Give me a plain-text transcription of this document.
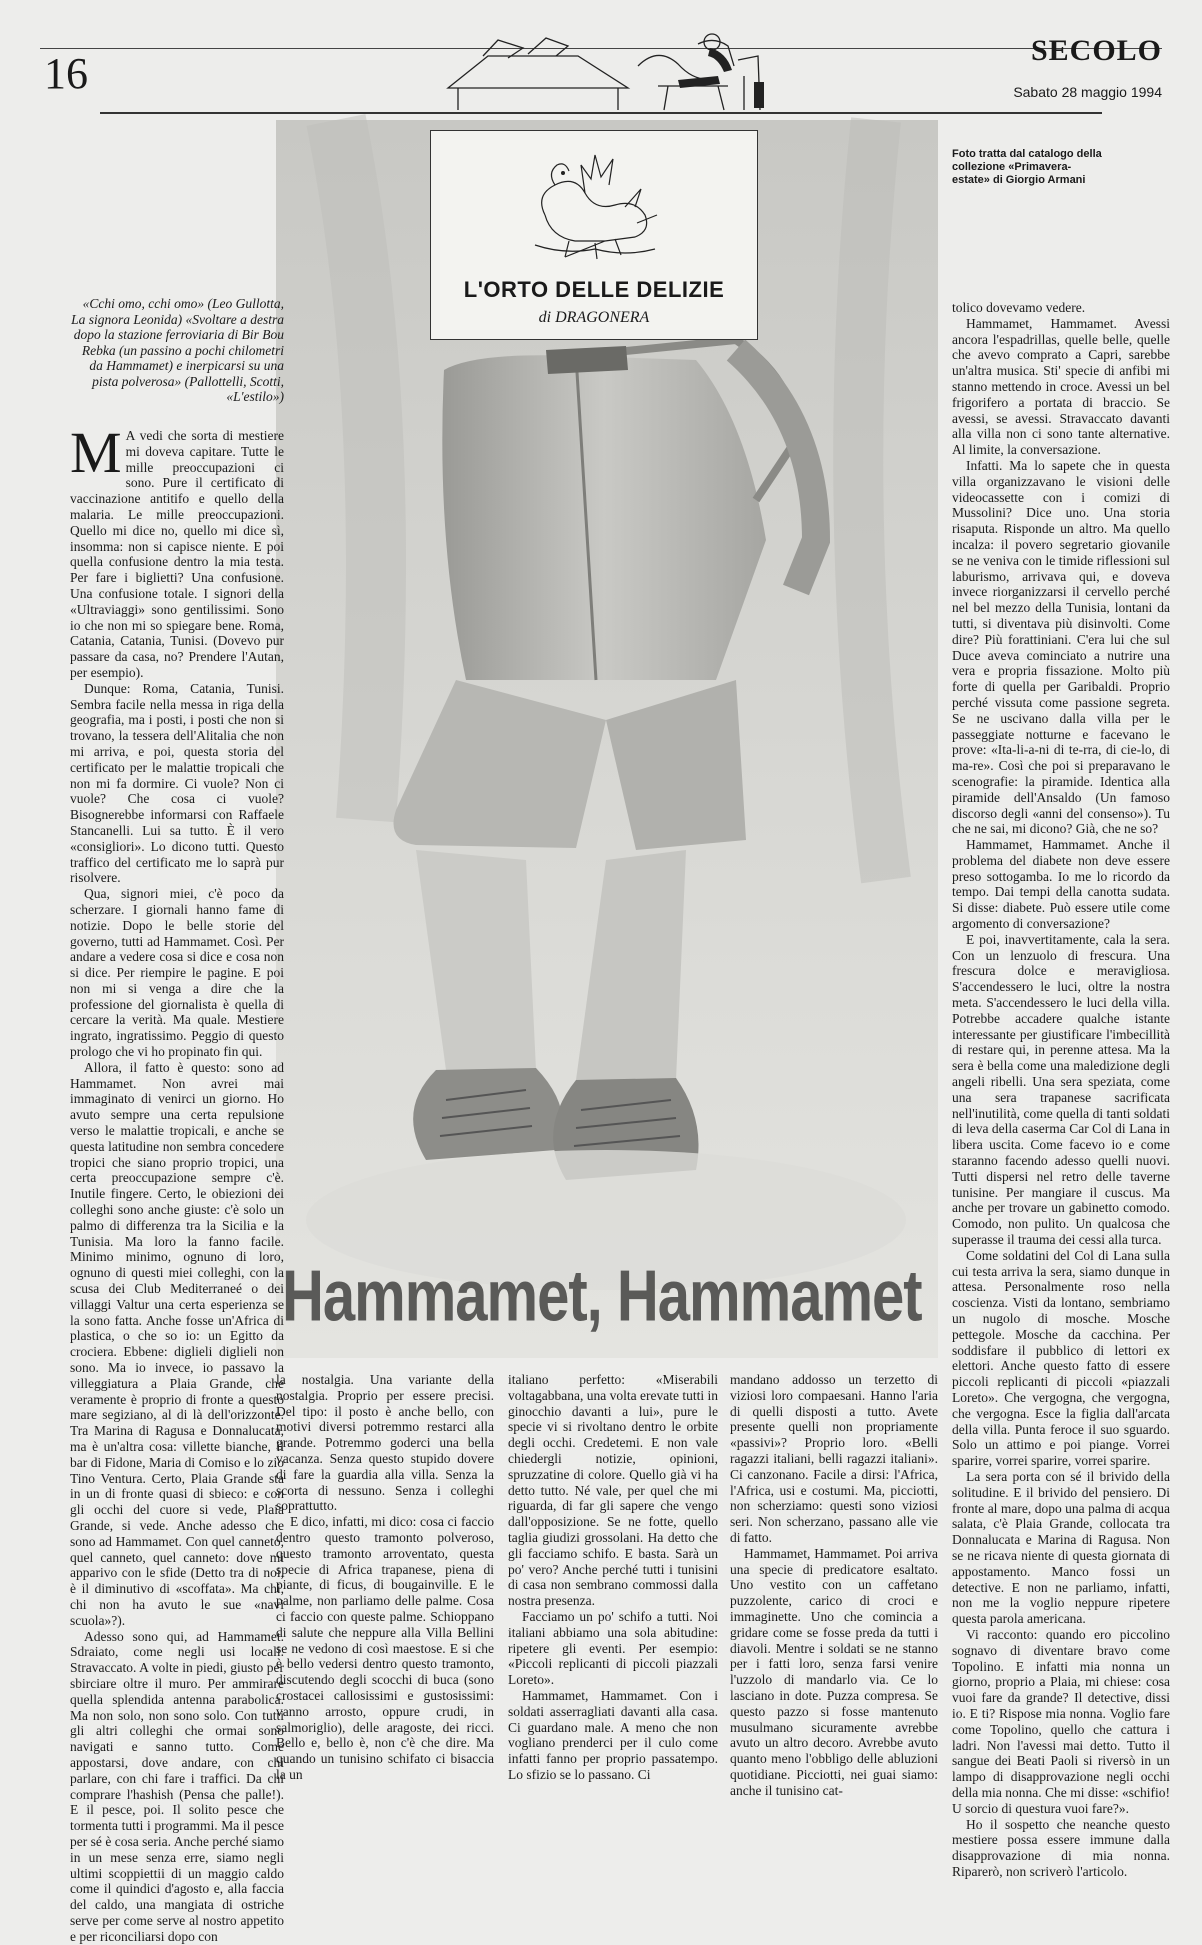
16	SECOLO
Sabato 28 maggio 1994
Foto tratta dal catalogo della collezione «Primavera-estate» di Giorgio Armani
L'ORTO DELLE DELIZIE
di DRAGONERA
«Cchi omo, cchi omo» (Leo Gullotta, La signora Leonida) «Svoltare a destra dopo la stazione ferroviaria di Bir Bou Rebka (un passino a pochi chilometri da Hammamet) e inerpicarsi su una pista polverosa» (Pallottelli, Scotti, «L'estilo»)

M A vedi che sorta di mestiere mi doveva capitare. Tutte le mille preoccupazioni ci sono. Pure il certificato di vaccinazione antitifo e quello della malaria. Le mille preoccupazioni. Quello mi dice no, quello mi dice sì, insomma: non si capisce niente. E poi quella confusione dentro la mia testa. Per fare i biglietti? Una confusione. Una confusione totale. I signori della «Ultraviaggi» sono gentilissimi. Sono io che non mi so spiegare bene. Roma, Catania, Catania, Tunisi. (Dovevo pur passare da casa, no? Prendere l'Autan, per esempio).

Dunque: Roma, Catania, Tunisi. Sembra facile nella messa in riga della geografia, ma i posti, i posti che non si trovano, la tessera dell'Alitalia che non mi arriva, e poi, questa storia del certificato per le malattie tropicali che non mi fa dormire. Ci vuole? Non ci vuole? Che cosa ci vuole? Bisognerebbe informarsi con Raffaele Stancanelli. Lui sa tutto. È il vero «consigliori». Lo dicono tutti. Questo traffico del certificato me lo saprà pur risolvere.

Qua, signori miei, c'è poco da scherzare. I giornali hanno fame di notizie. Dopo le belle storie del governo, tutti ad Hammamet. Così. Per andare a vedere cosa si dice e cosa non si dice. Per riempire le pagine. E poi non mi si venga a dire che la professione del giornalista è quella di cercare la verità. Ma quale. Mestiere ingrato, ingratissimo. Peggio di questo prologo che vi ho propinato fin qui.

Allora, il fatto è questo: sono ad Hammamet. Non avrei mai immaginato di venirci un giorno. Ho avuto sempre una certa repulsione verso le malattie tropicali, e anche se questa latitudine non sembra concedere tropici che siano proprio tropici, una certa preoccupazione sempre c'è. Inutile fingere. Certo, le obiezioni dei colleghi sono anche giuste: c'è solo un palmo di differenza tra la Sicilia e la Tunisia. Ma loro la fanno facile. Minimo minimo, ognuno di loro, ognuno di questi miei colleghi, con la scusa dei Club Mediterraneé o dei villaggi Valtur una certa esperienza se la sono fatta. Anche fosse un'Africa di plastica, o che so io: un Egitto da crociera. Ebbene: diglieli diglieli non sono. Ma io invece, io passavo la villeggiatura a Plaia Grande, che veramente è proprio di fronte a questo mare segiziano, al di là dell'orizzonte. Tra Marina di Ragusa e Donnalucata, ma è un'altra cosa: villette bianche, il bar di Fidone, Maria di Comiso e lo zio Tino Ventura. Certo, Plaia Grande sta in un di fronte quasi di sbieco: e con gli occhi del cuore si vede, Plaia Grande, si vede. Anche adesso che sono ad Hammamet. Con quel canneto, quel canneto, quel canneto: dove mi apparivo con le sfide (Detto tra di noi, è il diminutivo di «scoffata». Ma chi, chi non ha avuto le sue «navi scuola»?).

Adesso sono qui, ad Hammamet. Sdraiato, come negli usi locali. Stravaccato. A volte in piedi, giusto per sbirciare oltre il muro. Per ammirare quella splendida antenna parabolica. Ma non solo, non sono solo. Con tutti gli altri colleghi che ormai sono navigati e sanno tutto. Come appostarsi, dove andare, con chi parlare, con chi fare i traffici. Da chi comprare l'hashish (Pensa che palle!). E il pesce, poi. Il solito pesce che tormenta tutti i programmi. Ma il pesce per sé è cosa seria. Anche perché siamo in un mese senza erre, siamo negli ultimi scoppiettii di un maggio caldo come il quindici d'agosto e, alla faccia del caldo, una mangiata di ostriche serve per come serve al nostro appetito e per riconciliarsi dopo con

Hammamet, Hammamet

la nostalgia. Una variante della nostalgia. Proprio per essere precisi. Del tipo: il posto è anche bello, con motivi diversi potremmo restarci alla grande. Potremmo goderci una bella vacanza. Senza questo stupido dovere di fare la guardia alla villa. Senza la scorta di nessuno. Senza i colleghi soprattutto.

E dico, infatti, mi dico: cosa ci faccio dentro questo tramonto polveroso, questo tramonto arroventato, questa specie di Africa trapanese, piena di piante, di ficus, di bougainville. E le palme, non parliamo delle palme. Cosa ci faccio con queste palme. Schioppano di salute che neppure alla Villa Bellini se ne vedono di così maestose. E si che è bello vedersi dentro questo tramonto, discutendo degli scocchi di buca (sono crostacei callosissimi e gustosissimi: vanno arrosto, oppure crudi, in salmoriglio), delle aragoste, dei ricci. Bello e, bello è, non c'è che dire. Ma quando un tunisino schifato ci bisaccia la un

italiano perfetto: «Miserabili voltagabbana, una volta erevate tutti in ginocchio davanti a lui», pure le specie vi si rivoltano dentro le orbite degli occhi. Credetemi. E non vale chiedergli notizie, opinioni, spruzzatine di colore. Quello già vi ha detto tutto. Né vale, per quel che mi riguarda, di far gli sapere che vengo dall'opposizione. Se ne fotte, quello taglia giudizi grossolani. Ha detto che gli facciamo schifo. E basta. Sarà un po' vero? Anche perché tutti i tunisini di casa non sembrano commossi dalla nostra presenza.

Facciamo un po' schifo a tutti. Noi italiani abbiamo una sola abitudine: ripetere gli eventi. Per esempio: «Piccoli replicanti di piccoli piazzali Loreto».

Hammamet, Hammamet. Con i soldati asserragliati davanti alla casa. Ci guardano male. A meno che non vogliano prenderci per il culo come infatti fanno per proprio passatempo. Lo sfizio se lo passano. Ci

mandano addosso un terzetto di viziosi loro compaesani. Hanno l'aria di quelli disposti a tutto. Avete presente quelli non propriamente «passivi»? Proprio loro. «Belli ragazzi italiani, belli ragazzi italiani». Ci canzonano. Facile a dirsi: l'Africa, l'Africa, usi e costumi. Ma, picciotti, non scherziamo: questi sono viziosi seri. Non scherzano, passano alle vie di fatto.

Hammamet, Hammamet. Poi arriva una specie di predicatore esaltato. Uno vestito con un caffetano puzzolente, carico di croci e immaginette. Uno che comincia a gridare come se fosse preda da tutti i diavoli. Mentre i soldati se ne stanno per i fatti loro, senza farsi venire l'uzzolo di mandarlo via. Ce lo lasciano in dote. Puzza compresa. Se questo pazzo si fosse mantenuto musulmano sicuramente avrebbe avuto un altro decoro. Avrebbe avuto quanto meno l'obbligo delle abluzioni quotidiane. Picciotti, nei guai siamo: anche il tunisino cat-

tolico dovevamo vedere.

Hammamet, Hammamet. Avessi ancora l'espadrillas, quelle belle, quelle che avevo comprato a Capri, sarebbe un'altra musica. Sti' specie di anfibi mi stanno mettendo in croce. Avessi un bel frigorifero a portata di braccio. Se avessi, se avessi. Stravaccato davanti alla villa non ci sono tante alternative. Al limite, la conversazione.

Infatti. Ma lo sapete che in questa villa organizzavano le visioni delle videocassette con i comizi di Mussolini? Dice uno. Una storia risaputa. Risponde un altro. Ma quello incalza: il povero segretario giovanile se ne veniva con le timide riflessioni sul laburismo, arrivava qui, e doveva invece riorganizzarsi il cervello perché nel bel mezzo della Tunisia, lontani da tutti, si diventava più disinvolti. Come dire? Più forattiniani. C'era lui che sul Duce aveva cominciato a nutrire una vera e propria fissazione. Molto più forte di quella per Garibaldi. Proprio perché vissuta come passione segreta. Se ne uscivano dalla villa per le passeggiate notturne e facevano le prove: «Ita-li-a-ni di te-rra, di cie-lo, di ma-re». Così che poi si preparavano le scenografie: la piramide. Identica alla piramide dell'Ansaldo (Un famoso discorso degli «anni del consenso»). Tu che ne sai, mi dicono? Già, che ne so?

Hammamet, Hammamet. Anche il problema del diabete non deve essere preso sottogamba. Io me lo ricordo da tempo. Dai tempi della canotta sudata. Si disse: diabete. Può essere utile come argomento di conversazione?

E poi, inavvertitamente, cala la sera. Con un lenzuolo di frescura. Una frescura dolce e meravigliosa. S'accendessero le luci, oltre la nostra meta. S'accendessero le luci della villa. Potrebbe accadere qualche istante interessante per giustificare l'imbecillità di restare qui, in perenne attesa. Ma la sera è bella come una maledizione degli angeli ribelli. Una sera speziata, come una sera trapanese sacrificata nell'inutilità, come quella di tanti soldati di leva della caserma Car Col di Lana in libera uscita. Come facevo io e come staranno facendo adesso quelli nuovi. Tutti dispersi nel retro delle taverne tunisine. Per mangiare il cuscus. Ma anche per trovare un gabinetto comodo. Comodo, non pulito. Un qualcosa che superasse il trauma dei cessi alla turca.

Come soldatini del Col di Lana sulla cui testa arriva la sera, siamo dunque in attesa. Personalmente roso nella coscienza. Visti da lontano, sembriamo un nugolo di mosche. Mosche pettegole. Mosche da cacchina. Per soddisfare il pubblico di lettori ex elettori. Anche questo fatto di essere piccoli replicanti di piccoli «piazzali Loreto». Che vergogna, che vergogna, che vergogna. Esce la figlia dall'arcata della villa. Punta feroce il suo sguardo. Solo un attimo e poi piange. Vorrei sparire, vorrei sparire, vorrei sparire.

La sera porta con sé il brivido della solitudine. E il brivido del pensiero. Di fronte al mare, dopo una palma di acqua salata, c'è Plaia Grande, collocata tra Donnalucata e Marina di Ragusa. Non se ne ricava niente di questa giornata di appostamento. Manco fossi un detective. E non ne parliamo, infatti, non me la voglio neppure ripetere questa parola americana.

Vi racconto: quando ero piccolino sognavo di diventare bravo come Topolino. E infatti mia nonna un giorno, proprio a Plaia, mi chiese: cosa vuoi fare da grande? Il detective, dissi io. E ti? Rispose mia nonna. Voglio fare come Topolino, quello che cattura i ladri. Non l'avessi mai detto. Tutto il sangue dei Beati Paoli si riversò in un lampo di disapprovazione negli occhi della mia nonna. Che mi disse: «schifio! U sorcio di questura vuoi fare?».

Ho il sospetto che neanche questo mestiere possa essere immune dalla disapprovazione di mia nonna. Riparerò, non scriverò l'articolo.
